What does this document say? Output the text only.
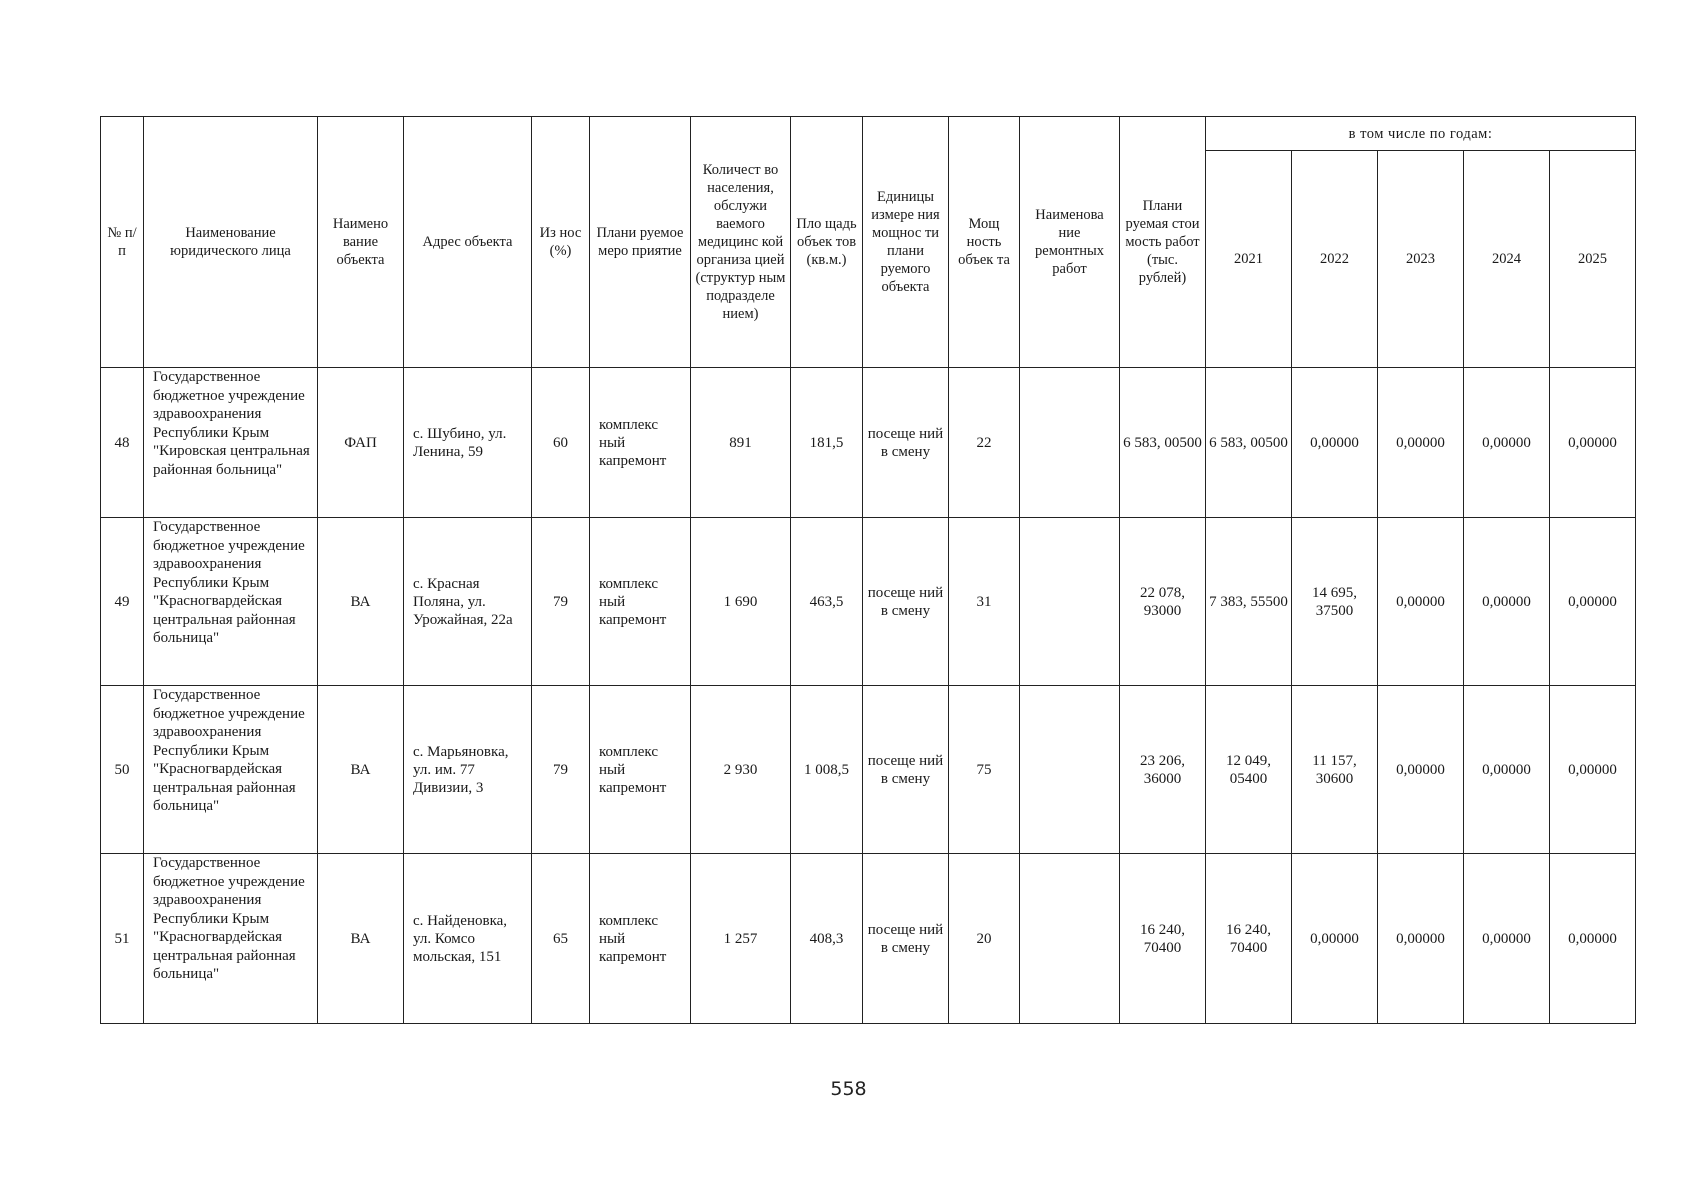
№ п/п	Наименование юридического лица	Наимено вание объекта	Адрес объекта	Из нос (%)	Плани руемое меро приятие	Количест во населения, обслужи ваемого медицинс кой организа цией (структур ным подразделе нием)	Пло щадь объек тов (кв.м.)	Единицы измере ния мощнос ти плани руемого объекта	Мощ ность объек та	Наименова ние ремонтных работ	Плани руемая стои мость работ (тыс. рублей)	в том числе по годам:				
												2021	2022	2023	2024	2025
48	Государственное бюджетное учреждение здравоохранения Республики Крым "Кировская центральная районная больница"	ФАП	с. Шубино, ул. Ленина, 59	60	комплекс ный капремонт	891	181,5	посеще ний в смену	22		6 583, 00500	6 583, 00500	0,00000	0,00000	0,00000	0,00000
49	Государственное бюджетное учреждение здравоохранения Республики Крым "Красногвардейская центральная районная больница"	ВА	с. Красная Поляна, ул. Урожайная, 22а	79	комплекс ный капремонт	1 690	463,5	посеще ний в смену	31		22 078, 93000	7 383, 55500	14 695, 37500	0,00000	0,00000	0,00000
50	Государственное бюджетное учреждение здравоохранения Республики Крым "Красногвардейская центральная районная больница"	ВА	с. Марьяновка, ул. им. 77 Дивизии, 3	79	комплекс ный капремонт	2 930	1 008,5	посеще ний в смену	75		23 206, 36000	12 049, 05400	11 157, 30600	0,00000	0,00000	0,00000
51	Государственное бюджетное учреждение здравоохранения Республики Крым "Красногвардейская центральная районная больница"	ВА	с. Найденовка, ул. Комсо мольская, 151	65	комплекс ный капремонт	1 257	408,3	посеще ний в смену	20		16 240, 70400	16 240, 70400	0,00000	0,00000	0,00000	0,00000
558
